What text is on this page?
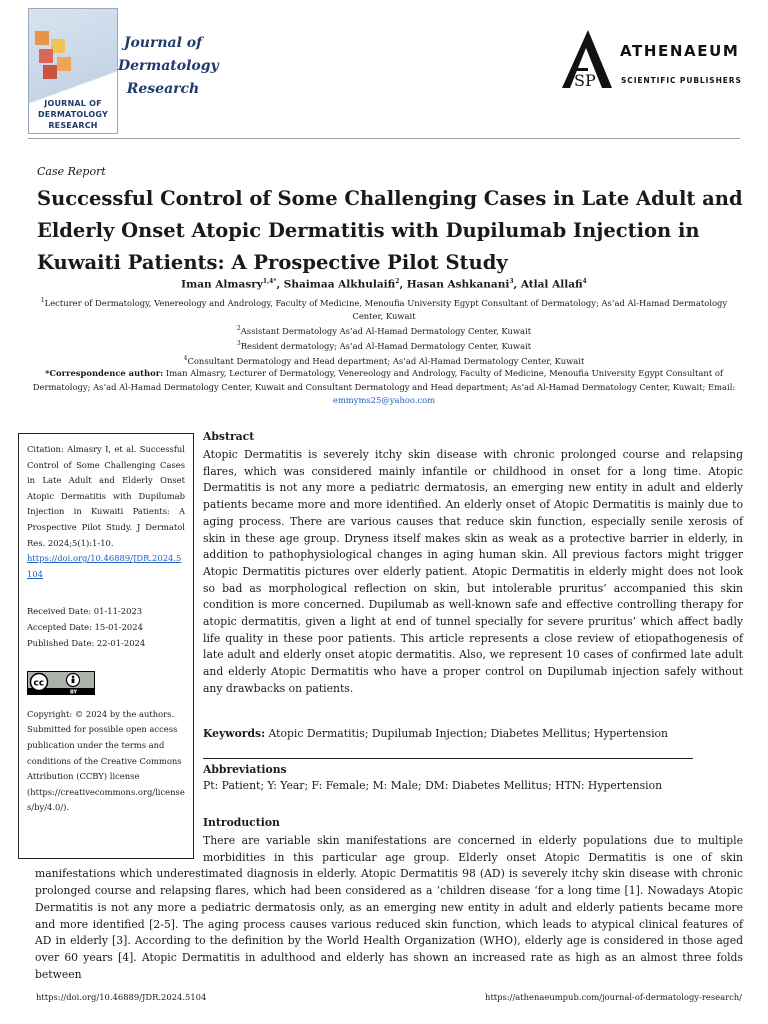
JOURNAL OF
DERMATOLOGY
RESEARCH
Journal of
Dermatology
Research	SP
ATHENAEUM
SCIENTIFIC PUBLISHERS
Case Report
Successful Control of Some Challenging Cases in Late Adult and Elderly Onset Atopic Dermatitis with Dupilumab Injection in Kuwaiti Patients: A Prospective Pilot Study
Iman Almasry$^{1,4*}$, Shaimaa Alkhulaifi$^2$, Hasan Ashkanani$^3$, Atlal Allafi$^4$
$^1$Lecturer of Dermatology, Venereology and Andrology, Faculty of Medicine, Menoufia University Egypt Consultant of Dermatology; As’ad Al-Hamad Dermatology Center, Kuwait
$^2$Assistant Dermatology As’ad Al-Hamad Dermatology Center, Kuwait
$^3$Resident dermatology; As’ad Al-Hamad Dermatology Center, Kuwait
$^4$Consultant Dermatology and Head department; As’ad Al-Hamad Dermatology Center, Kuwait
*Correspondence author: Iman Almasry, Lecturer of Dermatology, Venereology and Andrology, Faculty of Medicine, Menoufia University Egypt Consultant of Dermatology; As’ad Al-Hamad Dermatology Center, Kuwait and Consultant Dermatology and Head department; As’ad Al-Hamad Dermatology Center, Kuwait; Email: emmyms25@yahoo.com
Citation: Almasry I, et al. Successful Control of Some Challenging Cases in Late Adult and Elderly Onset Atopic Dermatitis with Dupilumab Injection in Kuwaiti Patients: A Prospective Pilot Study. J Dermatol Res. 2024;5(1):1-10.
https://doi.org/10.46889/JDR.2024.5104
Received Date: 01-11-2023
Accepted Date: 15-01-2024
Published Date: 22-01-2024
cc
BY
Copyright: © 2024 by the authors. Submitted for possible open access publication under the terms and conditions of the Creative Commons Attribution (CCBY) license (https://creativecommons.org/licenses/by/4.0/).
Abstract
Atopic Dermatitis is severely itchy skin disease with chronic prolonged course and relapsing flares, which was considered mainly infantile or childhood in onset for a long time. Atopic Dermatitis is not any more a pediatric dermatosis, an emerging new entity in adult and elderly patients became more and more identified. An elderly onset of Atopic Dermatitis is mainly due to aging process. There are various causes that reduce skin function, especially senile xerosis of skin in these age group. Dryness itself makes skin as weak as a protective barrier in elderly, in addition to pathophysiological changes in aging human skin. All previous factors might trigger Atopic Dermatitis pictures over elderly patient. Atopic Dermatitis in elderly might does not look so bad as morphological reflection on skin, but intolerable pruritus’ accompanied this skin condition is more concerned. Dupilumab as well-known safe and effective controlling therapy for atopic dermatitis, given a light at end of tunnel specially for severe pruritus’ which affect badly life quality in these poor patients. This article represents a close review of etiopathogenesis of late adult and elderly onset atopic dermatitis. Also, we represent 10 cases of confirmed late adult and elderly Atopic Dermatitis who have a proper control on Dupilumab injection safely without any drawbacks on patients.
Keywords: Atopic Dermatitis; Dupilumab Injection; Diabetes Mellitus; Hypertension
Abbreviations
Pt: Patient; Y: Year; F: Female; M: Male; DM: Diabetes Mellitus; HTN: Hypertension
Introduction
There are variable skin manifestations are concerned in elderly populations due to multiple morbidities in this particular age group. Elderly onset Atopic Dermatitis is one of skin manifestations which underestimated diagnosis in elderly. Atopic Dermatitis 98 (AD) is severely itchy skin disease with chronic prolonged course and relapsing flares, which had been considered as a ‘children disease ‘for a long time [1]. Nowadays Atopic Dermatitis is not any more a pediatric dermatosis only, as an emerging new entity in adult and elderly patients became more and more identified [2-5]. The aging process causes various reduced skin function, which leads to atypical clinical features of AD in elderly [3]. According to the definition by the World Health Organization (WHO), elderly age is considered in those aged over 60 years [4]. Atopic Dermatitis in adulthood and elderly has shown an increased rate as high as an almost three folds between
https://doi.org/10.46889/JDR.2024.5104	https://athenaeumpub.com/journal-of-dermatology-research/
